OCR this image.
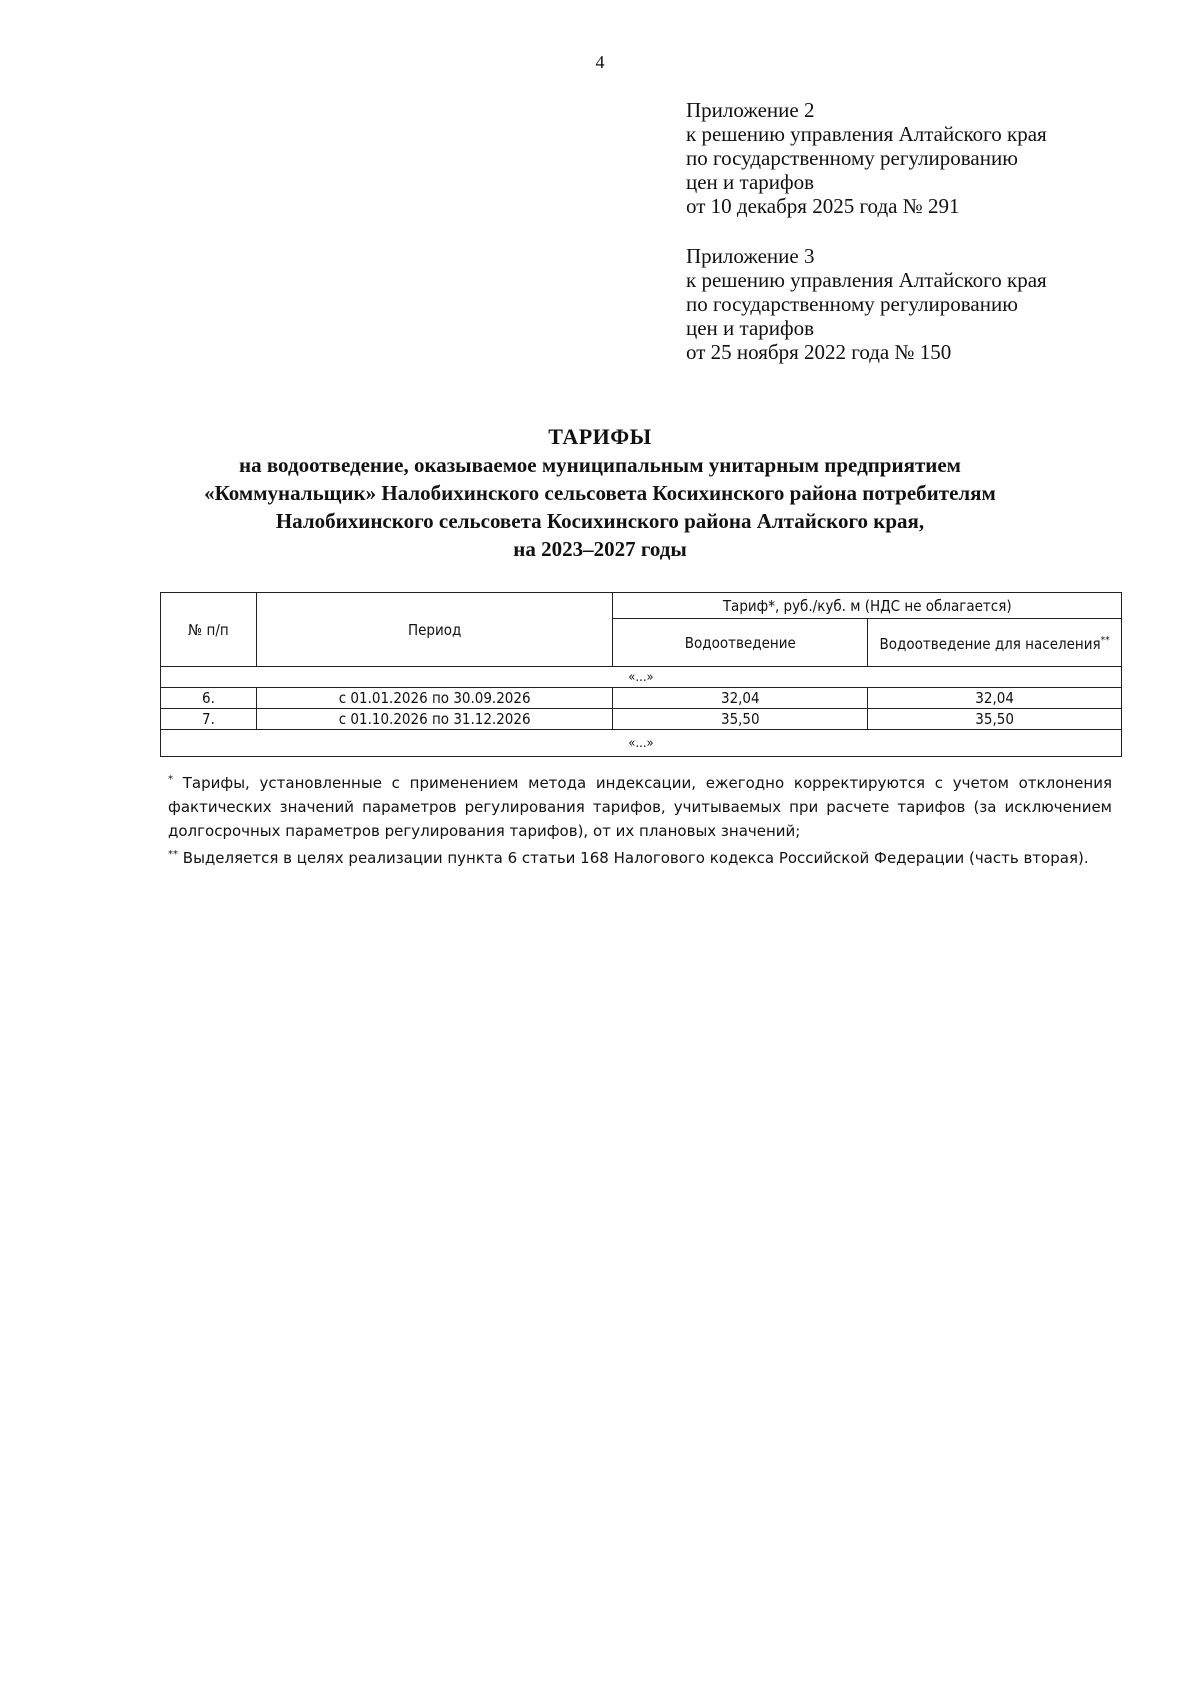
4
Приложение 2
к решению управления Алтайского края
по государственному регулированию
цен и тарифов
от 10 декабря 2025 года № 291
Приложение 3
к решению управления Алтайского края
по государственному регулированию
цен и тарифов
от 25 ноября 2022 года № 150
ТАРИФЫ
на водоотведение, оказываемое муниципальным унитарным предприятием
«Коммунальщик» Налобихинского сельсовета Косихинского района потребителям
Налобихинского сельсовета Косихинского района Алтайского края,
на 2023–2027 годы
№ п/п	Период	Тариф*, руб./куб. м (НДС не облагается)	
		Водоотведение	Водоотведение для населения**
«...»			
6.	с 01.01.2026 по 30.09.2026	32,04	32,04
7.	с 01.10.2026 по 31.12.2026	35,50	35,50
«...»			

* Тарифы, установленные с применением метода индексации, ежегодно корректируются с учетом отклонения фактических значений параметров регулирования тарифов, учитываемых при расчете тарифов (за исключением долгосрочных параметров регулирования тарифов), от их плановых значений;

** Выделяется в целях реализации пункта 6 статьи 168 Налогового кодекса Российской Федерации (часть вторая).
